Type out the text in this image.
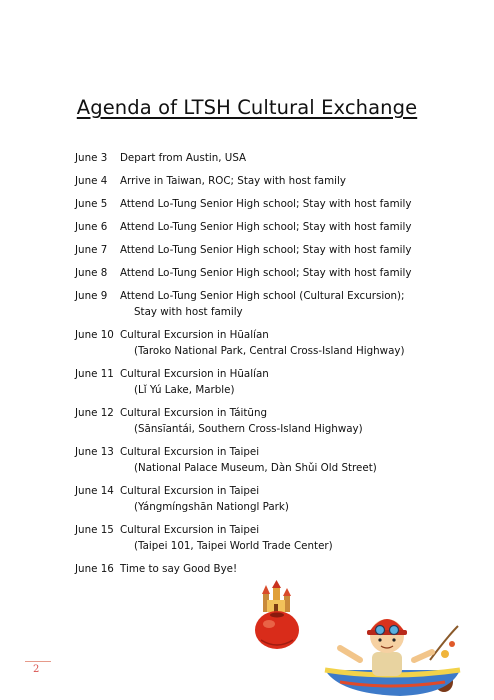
Agenda of LTSH Cultural Exchange
June 3	Depart from Austin, USA
June 4	Arrive in Taiwan, ROC; Stay with host family
June 5	Attend Lo-Tung Senior High school; Stay with host family
June 6	Attend Lo-Tung Senior High school; Stay with host family
June 7	Attend Lo-Tung Senior High school; Stay with host family
June 8	Attend Lo-Tung Senior High school; Stay with host family
June 9	Attend Lo-Tung Senior High school (Cultural Excursion);
Stay with host family
June 10 Cultural Excursion in Hūalían
(Taroko National Park, Central Cross-Island Highway)
June 11 Cultural Excursion in Hūalían
(Lǐ Yú Lake, Marble)
June 12 Cultural Excursion in Táitūng
(Sānsīantái, Southern Cross-Island Highway)
June 13 Cultural Excursion in Taipei
(National Palace Museum, Dàn Shǔi Old Street)
June 14 Cultural Excursion in Taipei
(Yángmíngshān Nationgl Park)
June 15 Cultural Excursion in Taipei
(Taipei 101, Taipei World Trade Center)
June 16 Time to say Good Bye!
2
